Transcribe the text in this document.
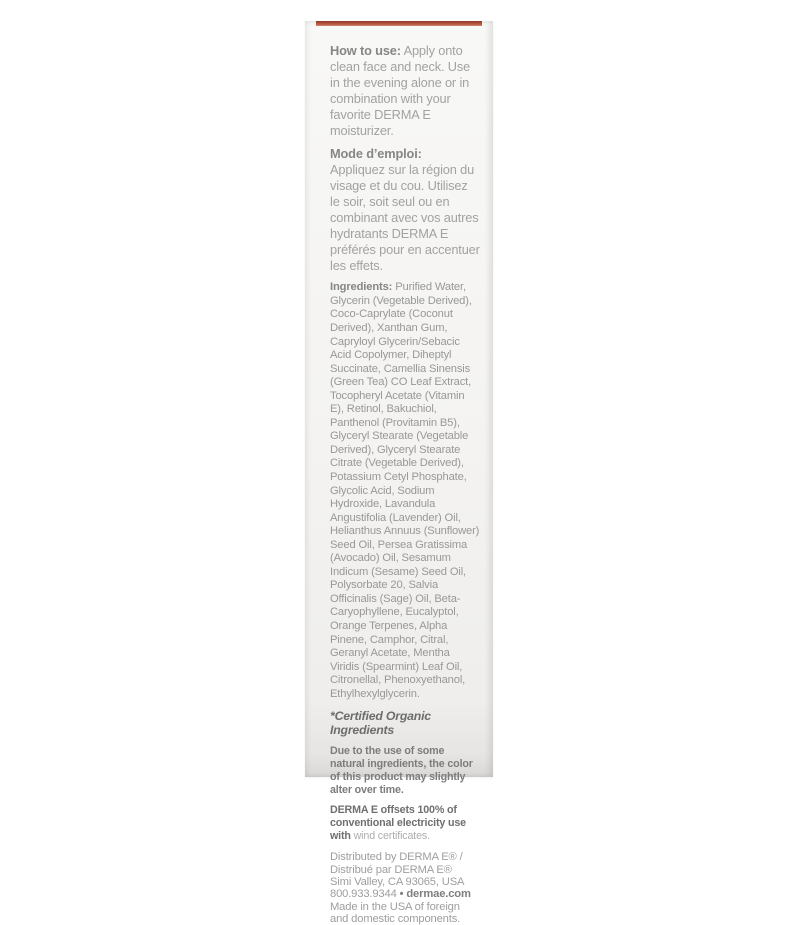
How to use: Apply onto clean face and neck. Use in the evening alone or in combination with your favorite DERMA E moisturizer.

Mode d’emploi:
Appliquez sur la région du visage et du cou. Utilisez le soir, soit seul ou en combinant avec vos autres hydratants DERMA E préférés pour en accentuer les effets.

Ingredients: Purified Water, Glycerin (Vegetable Derived), Coco-Caprylate (Coconut Derived), Xanthan Gum, Capryloyl Glycerin/Sebacic Acid Copolymer, Diheptyl Succinate, Camellia Sinensis (Green Tea) CO Leaf Extract, Tocopheryl Acetate (Vitamin E), Retinol, Bakuchiol, Panthenol (Provitamin B5), Glyceryl Stearate (Vegetable Derived), Glyceryl Stearate Citrate (Vegetable Derived), Potassium Cetyl Phosphate, Glycolic Acid, Sodium Hydroxide, Lavandula Angustifolia (Lavender) Oil, Helianthus Annuus (Sunflower) Seed Oil, Persea Gratissima (Avocado) Oil, Sesamum Indicum (Sesame) Seed Oil, Polysorbate 20, Salvia Officinalis (Sage) Oil, Beta-Caryophyllene, Eucalyptol, Orange Terpenes, Alpha Pinene, Camphor, Citral, Geranyl Acetate, Mentha Viridis (Spearmint) Leaf Oil, Citronellal, Phenoxyethanol, Ethylhexylglycerin.

*Certified Organic Ingredients

Due to the use of some natural ingredients, the color of this product may slightly alter over time.

DERMA E offsets 100% of conventional electricity use with wind certificates.

Distributed by DERMA E® /
Distribué par DERMA E®
Simi Valley, CA 93065, USA
800.933.9344 • dermae.com
Made in the USA of foreign and domestic components.
